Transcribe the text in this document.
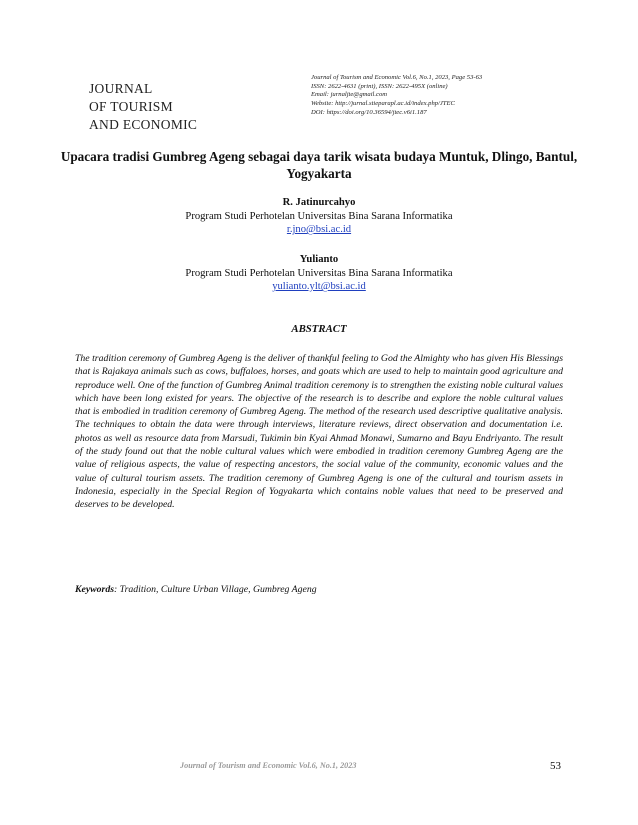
JOURNAL
OF TOURISM
AND ECONOMIC
Journal of Tourism and Economic Vol.6, No.1, 2023, Page 53-63
ISSN: 2622-4631 (print), ISSN: 2622-495X (online)
Email: jurnaljte@gmail.com
Website: http://jurnal.stieparapl.ac.id/index.php/JTEC
DOI: https://doi.org/10.36594/jtec.v6i1.187
Upacara tradisi Gumbreg Ageng sebagai daya tarik wisata budaya Muntuk, Dlingo, Bantul, Yogyakarta
R. Jatinurcahyo
Program Studi Perhotelan Universitas Bina Sarana Informatika
r.jno@bsi.ac.id
Yulianto
Program Studi Perhotelan Universitas Bina Sarana Informatika
yulianto.ylt@bsi.ac.id
ABSTRACT
The tradition ceremony of Gumbreg Ageng is the deliver of thankful feeling to God the Almighty who has given His Blessings that is Rajakaya animals such as cows, buffaloes, horses, and goats which are used to help to maintain good agriculture and reproduce well. One of the function of Gumbreg Animal tradition ceremony is to strengthen the existing noble cultural values which have been long existed for years. The objective of the research is to describe and explore the noble cultural values that is embodied in tradition ceremony of Gumbreg Ageng. The method of the research used descriptive qualitative analysis. The techniques to obtain the data were through interviews, literature reviews, direct observation and documentation i.e. photos as well as resource data from Marsudi, Tukimin bin Kyai Ahmad Monawi, Sumarno and Bayu Endriyanto. The result of the study found out that the noble cultural values which were embodied in tradition ceremony Gumbreg Ageng are the value of religious aspects, the value of respecting ancestors, the social value of the community, economic values and the value of cultural tourism assets. The tradition ceremony of Gumbreg Ageng is one of the cultural and tourism assets in Indonesia, especially in the Special Region of Yogyakarta which contains noble values that need to be preserved and deserves to be developed.
Keywords: Tradition, Culture Urban Village, Gumbreg Ageng
Journal of Tourism and Economic Vol.6, No.1, 2023	53
